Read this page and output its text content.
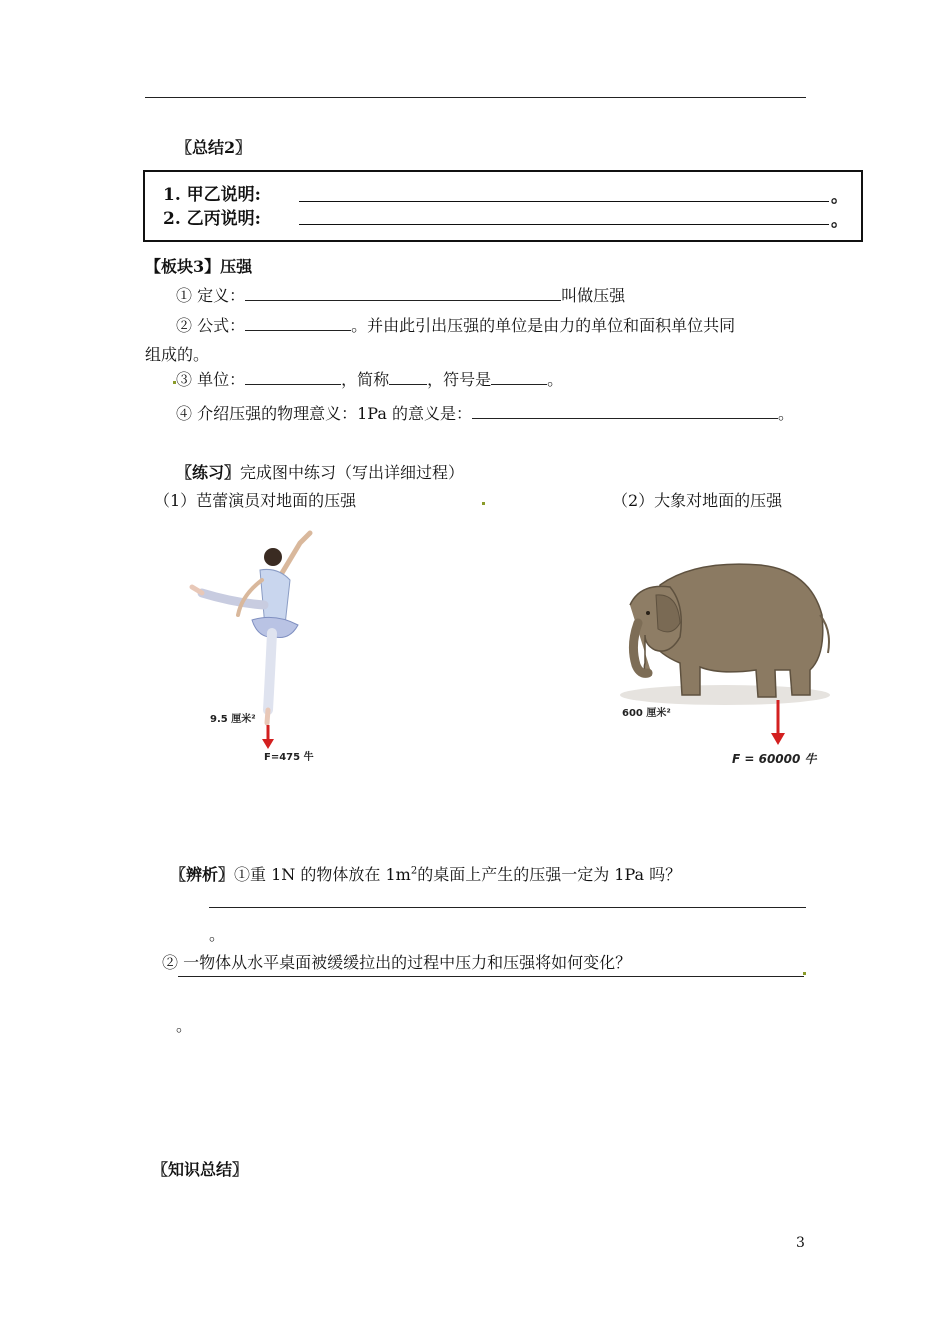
〖总结2〗
1. 甲乙说明:	。
2. 乙丙说明:	。
【板块3】压强
① 定义：	叫做压强
② 公式：	。并由此引出压强的单位是由力的单位和面积单位共同
组成的。
③ 单位：	，简称 ，符号是	。
④ 介绍压强的物理意义：1Pa 的意义是：	。
〖练习〗完成图中练习（写出详细过程）
（1）芭蕾演员对地面的压强	（2）大象对地面的压强
9.5 厘米²
F=475 牛
600 厘米²
F = 60000 牛
〖辨析〗①重 1N 的物体放在 $1m^2$的桌面上产生的压强一定为 1Pa 吗？
。
② 一物体从水平桌面被缓缓拉出的过程中压力和压强将如何变化？
。
〖知识总结〗
3
